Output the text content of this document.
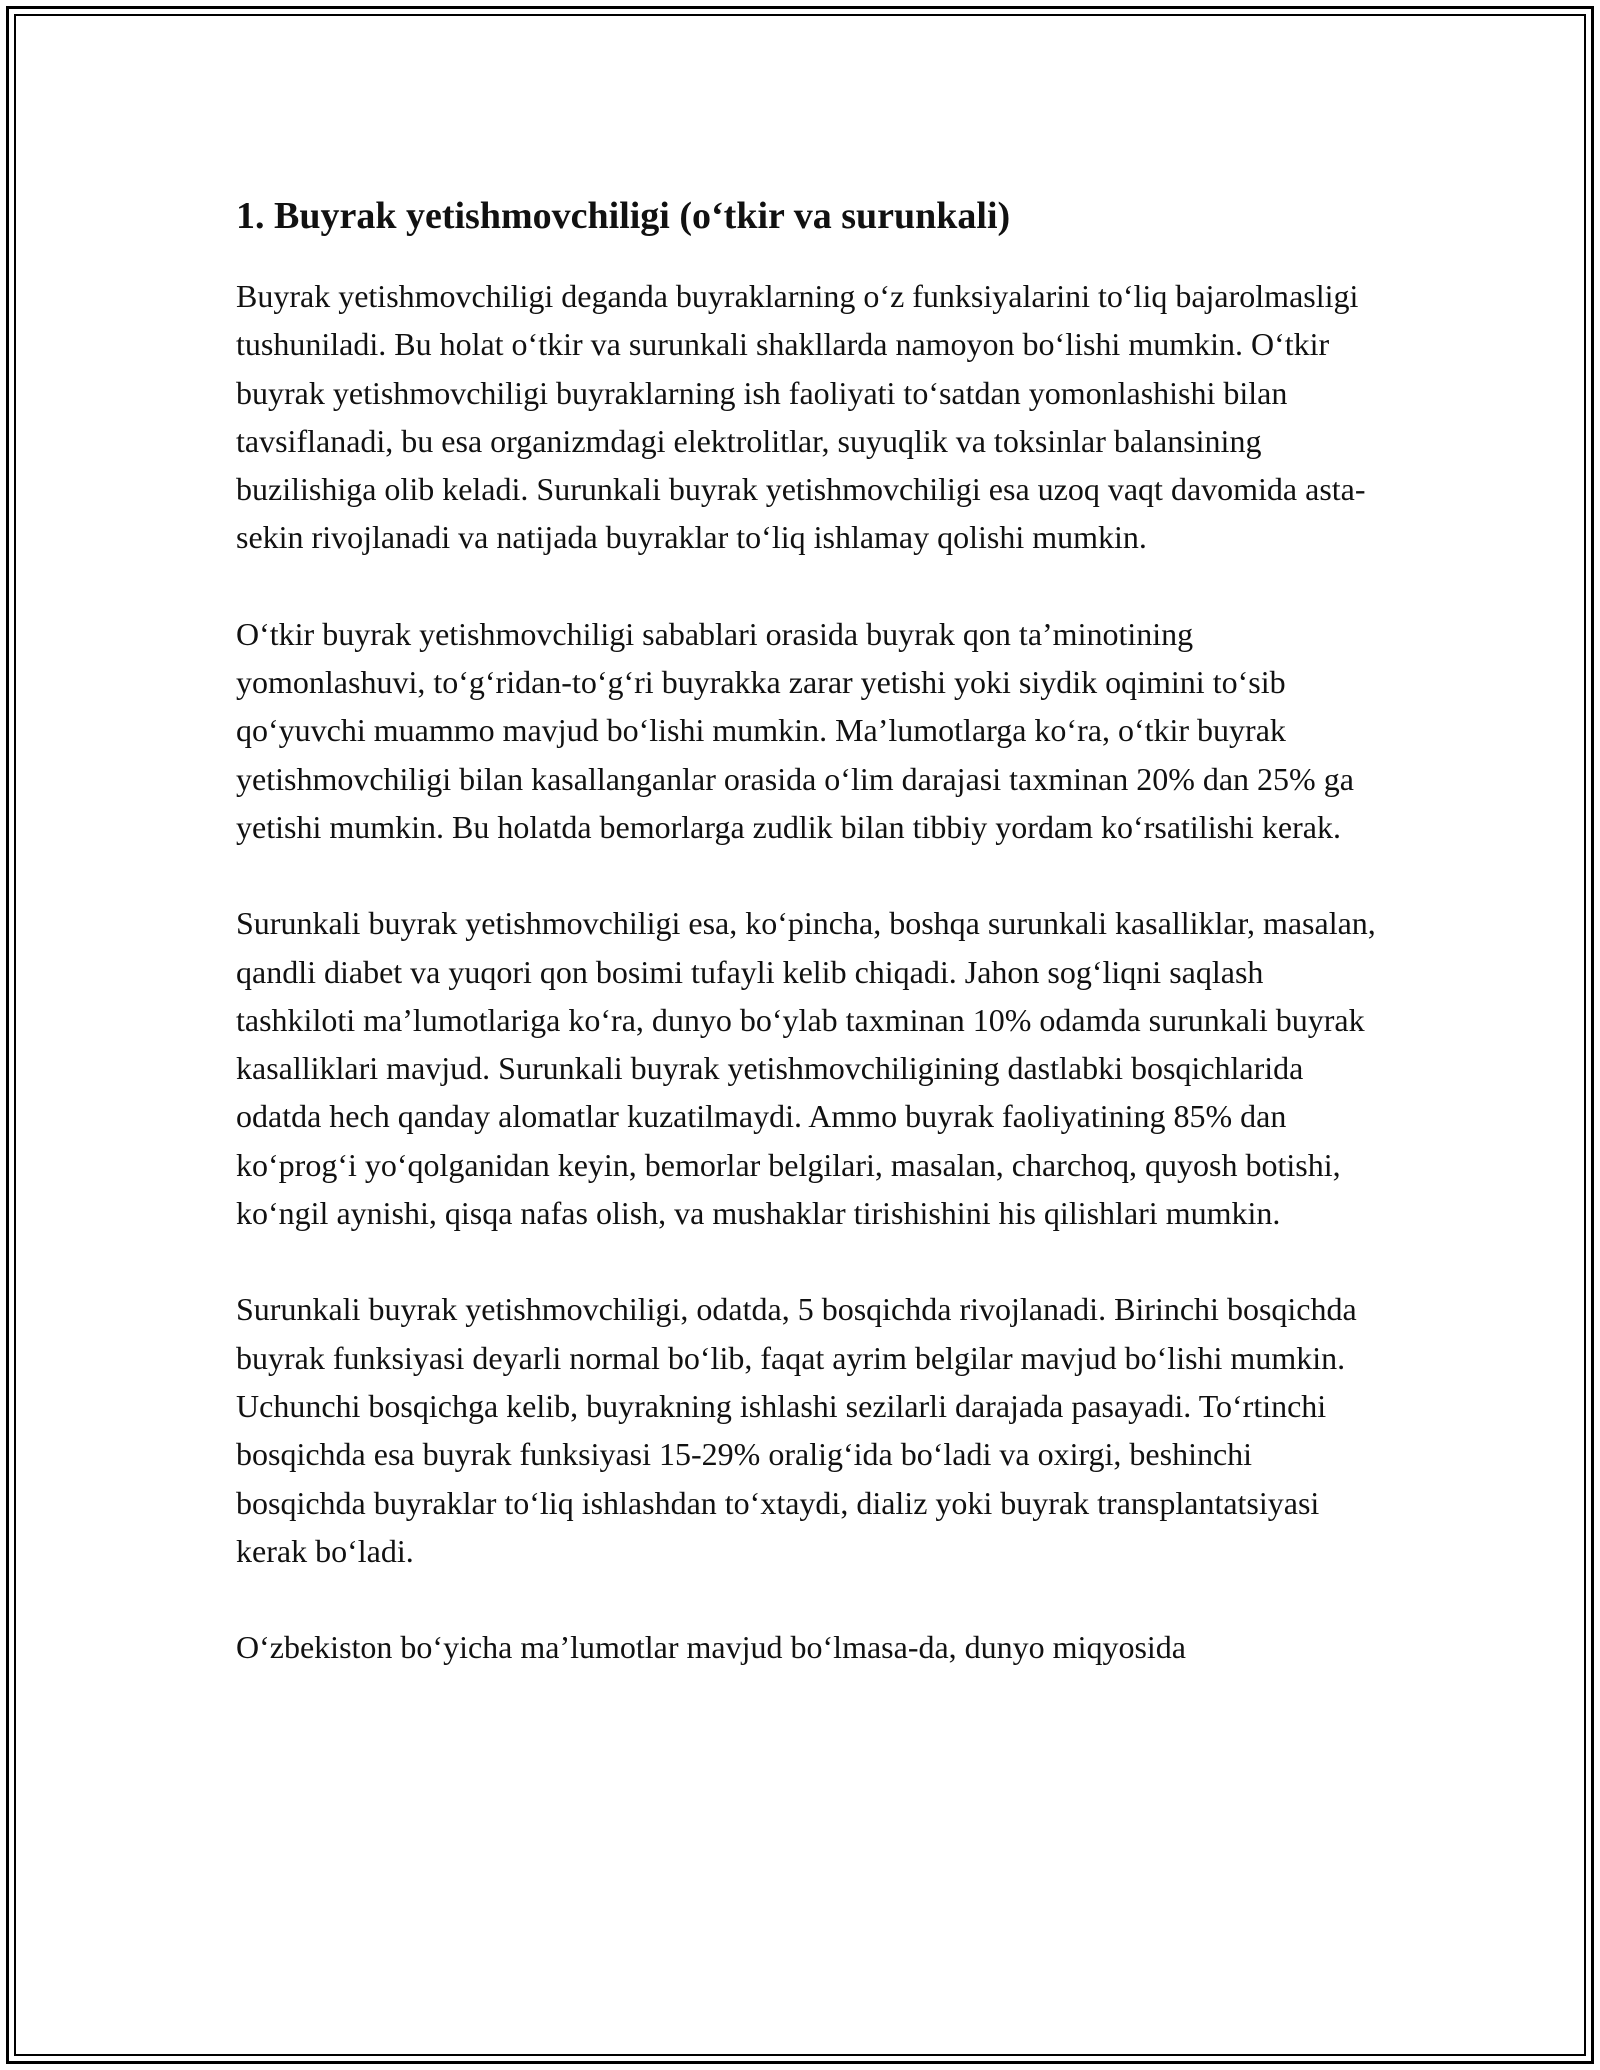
1. Buyrak yetishmovchiligi (o‘tkir va surunkali)

Buyrak yetishmovchiligi deganda buyraklarning o‘z funksiyalarini to‘liq bajarolmasligi tushuniladi. Bu holat o‘tkir va surunkali shakllarda namoyon bo‘lishi mumkin. O‘tkir buyrak yetishmovchiligi buyraklarning ish faoliyati to‘satdan yomonlashishi bilan tavsiflanadi, bu esa organizmdagi elektrolitlar, suyuqlik va toksinlar balansining buzilishiga olib keladi. Surunkali buyrak yetishmovchiligi esa uzoq vaqt davomida asta-sekin rivojlanadi va natijada buyraklar to‘liq ishlamay qolishi mumkin.

O‘tkir buyrak yetishmovchiligi sabablari orasida buyrak qon ta’minotining yomonlashuvi, to‘g‘ridan-to‘g‘ri buyrakka zarar yetishi yoki siydik oqimini to‘sib qo‘yuvchi muammo mavjud bo‘lishi mumkin. Ma’lumotlarga ko‘ra, o‘tkir buyrak yetishmovchiligi bilan kasallanganlar orasida o‘lim darajasi taxminan 20% dan 25% ga yetishi mumkin. Bu holatda bemorlarga zudlik bilan tibbiy yordam ko‘rsatilishi kerak.

Surunkali buyrak yetishmovchiligi esa, ko‘pincha, boshqa surunkali kasalliklar, masalan, qandli diabet va yuqori qon bosimi tufayli kelib chiqadi. Jahon sog‘liqni saqlash tashkiloti ma’lumotlariga ko‘ra, dunyo bo‘ylab taxminan 10% odamda surunkali buyrak kasalliklari mavjud. Surunkali buyrak yetishmovchiligining dastlabki bosqichlarida odatda hech qanday alomatlar kuzatilmaydi. Ammo buyrak faoliyatining 85% dan ko‘prog‘i yo‘qolganidan keyin, bemorlar belgilari, masalan, charchoq, quyosh botishi, ko‘ngil aynishi, qisqa nafas olish, va mushaklar tirishishini his qilishlari mumkin.

Surunkali buyrak yetishmovchiligi, odatda, 5 bosqichda rivojlanadi. Birinchi bosqichda buyrak funksiyasi deyarli normal bo‘lib, faqat ayrim belgilar mavjud bo‘lishi mumkin. Uchunchi bosqichga kelib, buyrakning ishlashi sezilarli darajada pasayadi. To‘rtinchi bosqichda esa buyrak funksiyasi 15-29% oralig‘ida bo‘ladi va oxirgi, beshinchi bosqichda buyraklar to‘liq ishlashdan to‘xtaydi, dializ yoki buyrak transplantatsiyasi kerak bo‘ladi.

O‘zbekiston bo‘yicha ma’lumotlar mavjud bo‘lmasa-da, dunyo miqyosida
